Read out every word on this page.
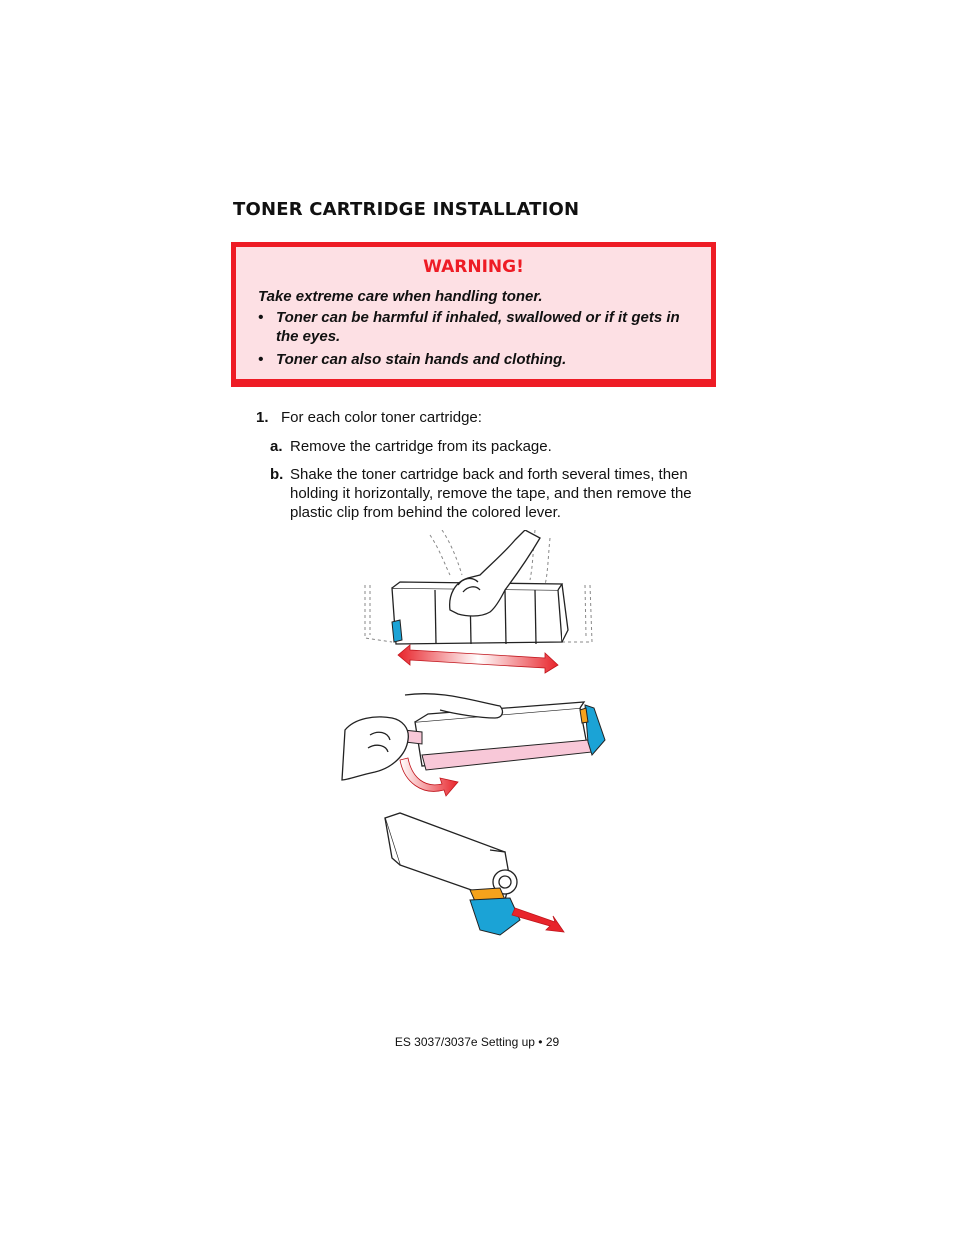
TONER CARTRIDGE INSTALLATION
WARNING!

Take extreme care when handling toner.

• Toner can be harmful if inhaled, swallowed or if it gets in the eyes.
• Toner can also stain hands and clothing.
1. For each color toner cartridge:
a. Remove the cartridge from its package.
b. Shake the toner cartridge back and forth several times, then holding it horizontally, remove the tape, and then remove the plastic clip from behind the colored lever.
ES 3037/3037e Setting up • 29
